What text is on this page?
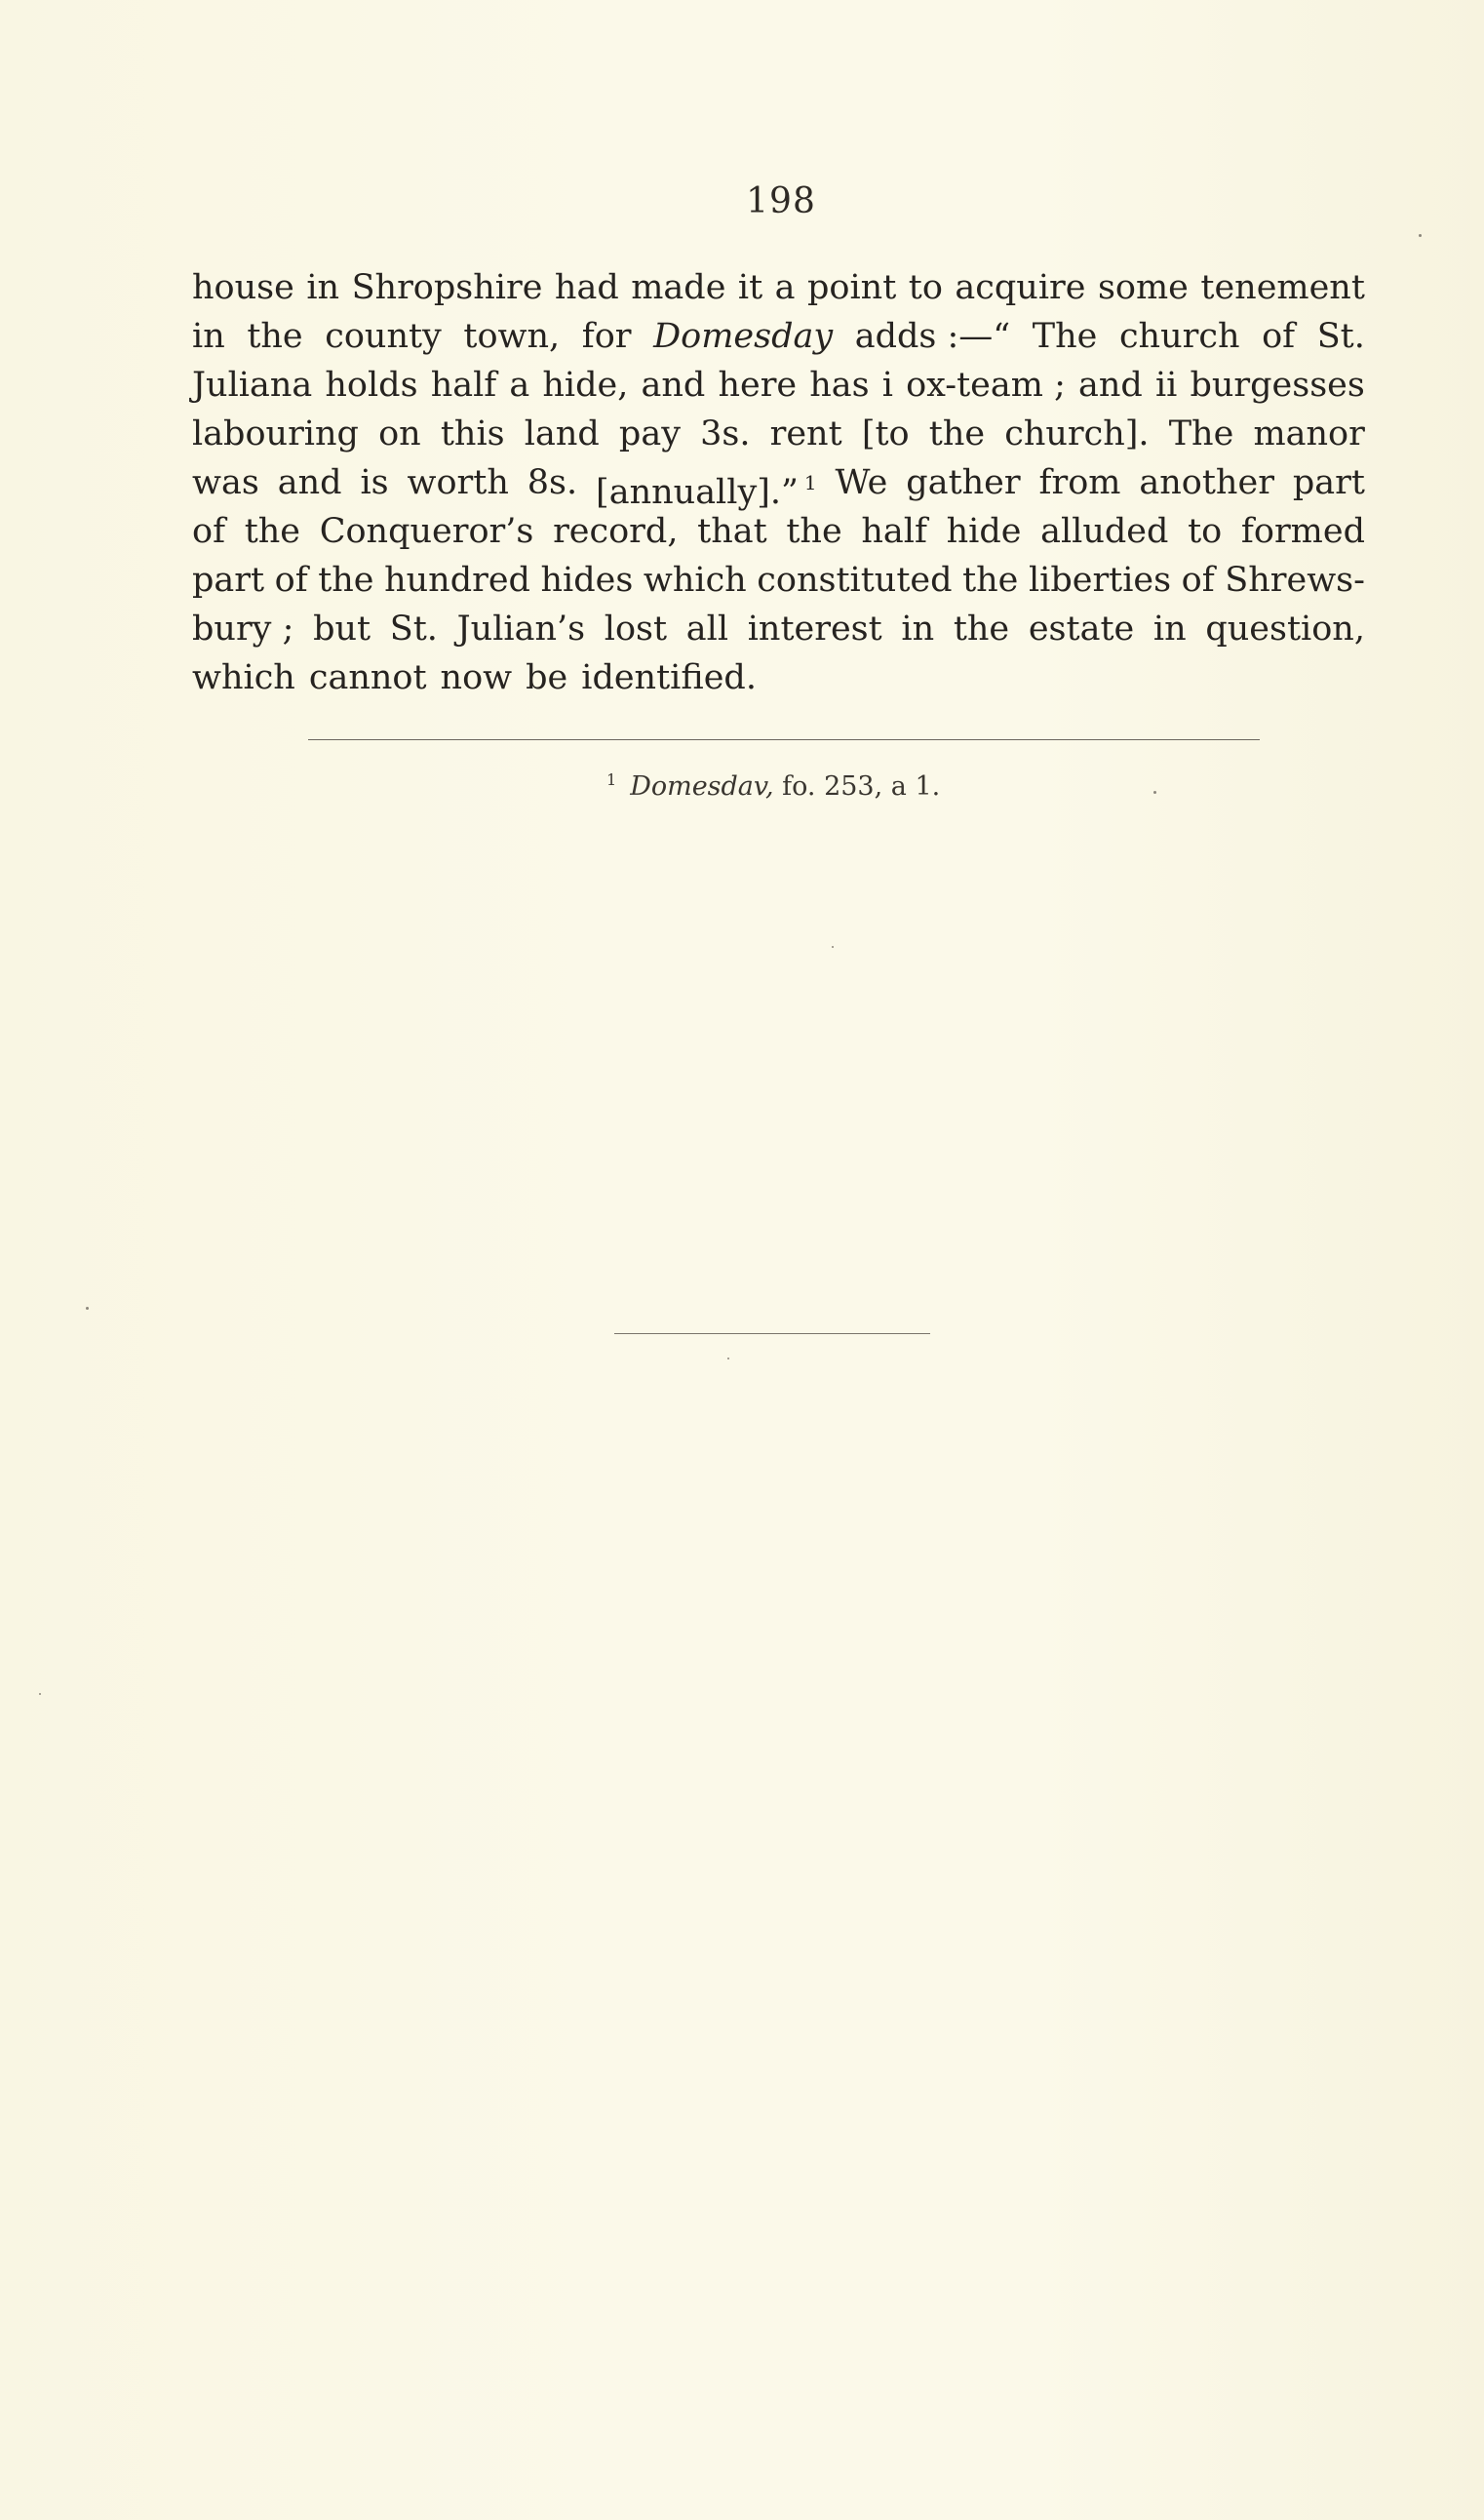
198
house in Shropshire had made it a point to acquire some tenement
in the county town, for Domesday adds :—“ The church of St.
Juliana holds half a hide, and here has i ox-team ; and ii burgesses
labouring on this land pay 3s. rent [to the church]. The manor
was and is worth 8s. [annually].” $^1$ We gather from another part
of the Conqueror’s record, that the half hide alluded to formed
part of the hundred hides which constituted the liberties of Shrews-
bury ; but St. Julian’s lost all interest in the estate in question,
which cannot now be identified.
$^1$ Domesdav, fo. 253, a 1.
